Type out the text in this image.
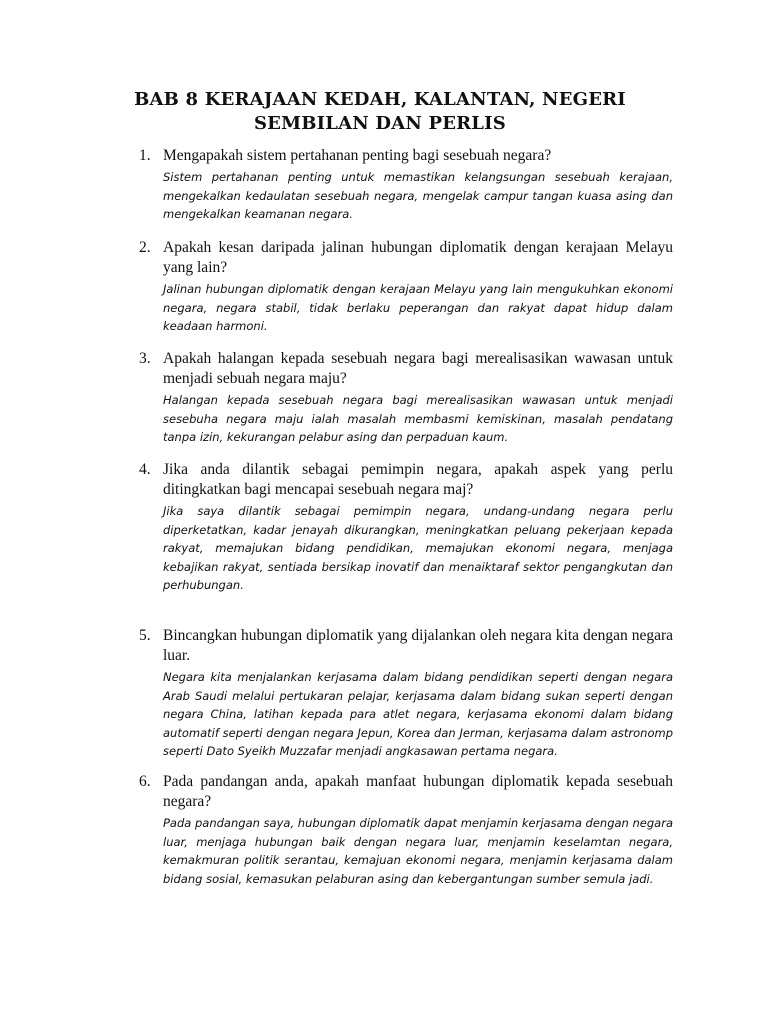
BAB 8 KERAJAAN KEDAH, KALANTAN, NEGERI
SEMBILAN DAN PERLIS
1. Mengapakah sistem pertahanan penting bagi sesebuah negara?
Sistem pertahanan penting untuk memastikan kelangsungan sesebuah kerajaan, mengekalkan kedaulatan sesebuah negara, mengelak campur tangan kuasa asing dan mengekalkan keamanan negara.
2. Apakah kesan daripada jalinan hubungan diplomatik dengan kerajaan Melayu yang lain?
Jalinan hubungan diplomatik dengan kerajaan Melayu yang lain mengukuhkan ekonomi negara, negara stabil, tidak berlaku peperangan dan rakyat dapat hidup dalam keadaan harmoni.
3. Apakah halangan kepada sesebuah negara bagi merealisasikan wawasan untuk menjadi sebuah negara maju?
Halangan kepada sesebuah negara bagi merealisasikan wawasan untuk menjadi sesebuha negara maju ialah masalah membasmi kemiskinan, masalah pendatang tanpa izin, kekurangan pelabur asing dan perpaduan kaum.
4. Jika anda dilantik sebagai pemimpin negara, apakah aspek yang perlu ditingkatkan bagi mencapai sesebuah negara maj?
Jika saya dilantik sebagai pemimpin negara, undang-undang negara perlu diperketatkan, kadar jenayah dikurangkan, meningkatkan peluang pekerjaan kepada rakyat, memajukan bidang pendidikan, memajukan ekonomi negara, menjaga kebajikan rakyat, sentiada bersikap inovatif dan menaiktaraf sektor pengangkutan dan perhubungan.
5. Bincangkan hubungan diplomatik yang dijalankan oleh negara kita dengan negara luar.
Negara kita menjalankan kerjasama dalam bidang pendidikan seperti dengan negara Arab Saudi melalui pertukaran pelajar, kerjasama dalam bidang sukan seperti dengan negara China, latihan kepada para atlet negara, kerjasama ekonomi dalam bidang automatif seperti dengan negara Jepun, Korea dan Jerman, kerjasama dalam astronomp seperti Dato Syeikh Muzzafar menjadi angkasawan pertama negara.
6. Pada pandangan anda, apakah manfaat hubungan diplomatik kepada sesebuah negara?
Pada pandangan saya, hubungan diplomatik dapat menjamin kerjasama dengan negara luar, menjaga hubungan baik dengan negara luar, menjamin keselamtan negara, kemakmuran politik serantau, kemajuan ekonomi negara, menjamin kerjasama dalam bidang sosial, kemasukan pelaburan asing dan kebergantungan sumber semula jadi.
